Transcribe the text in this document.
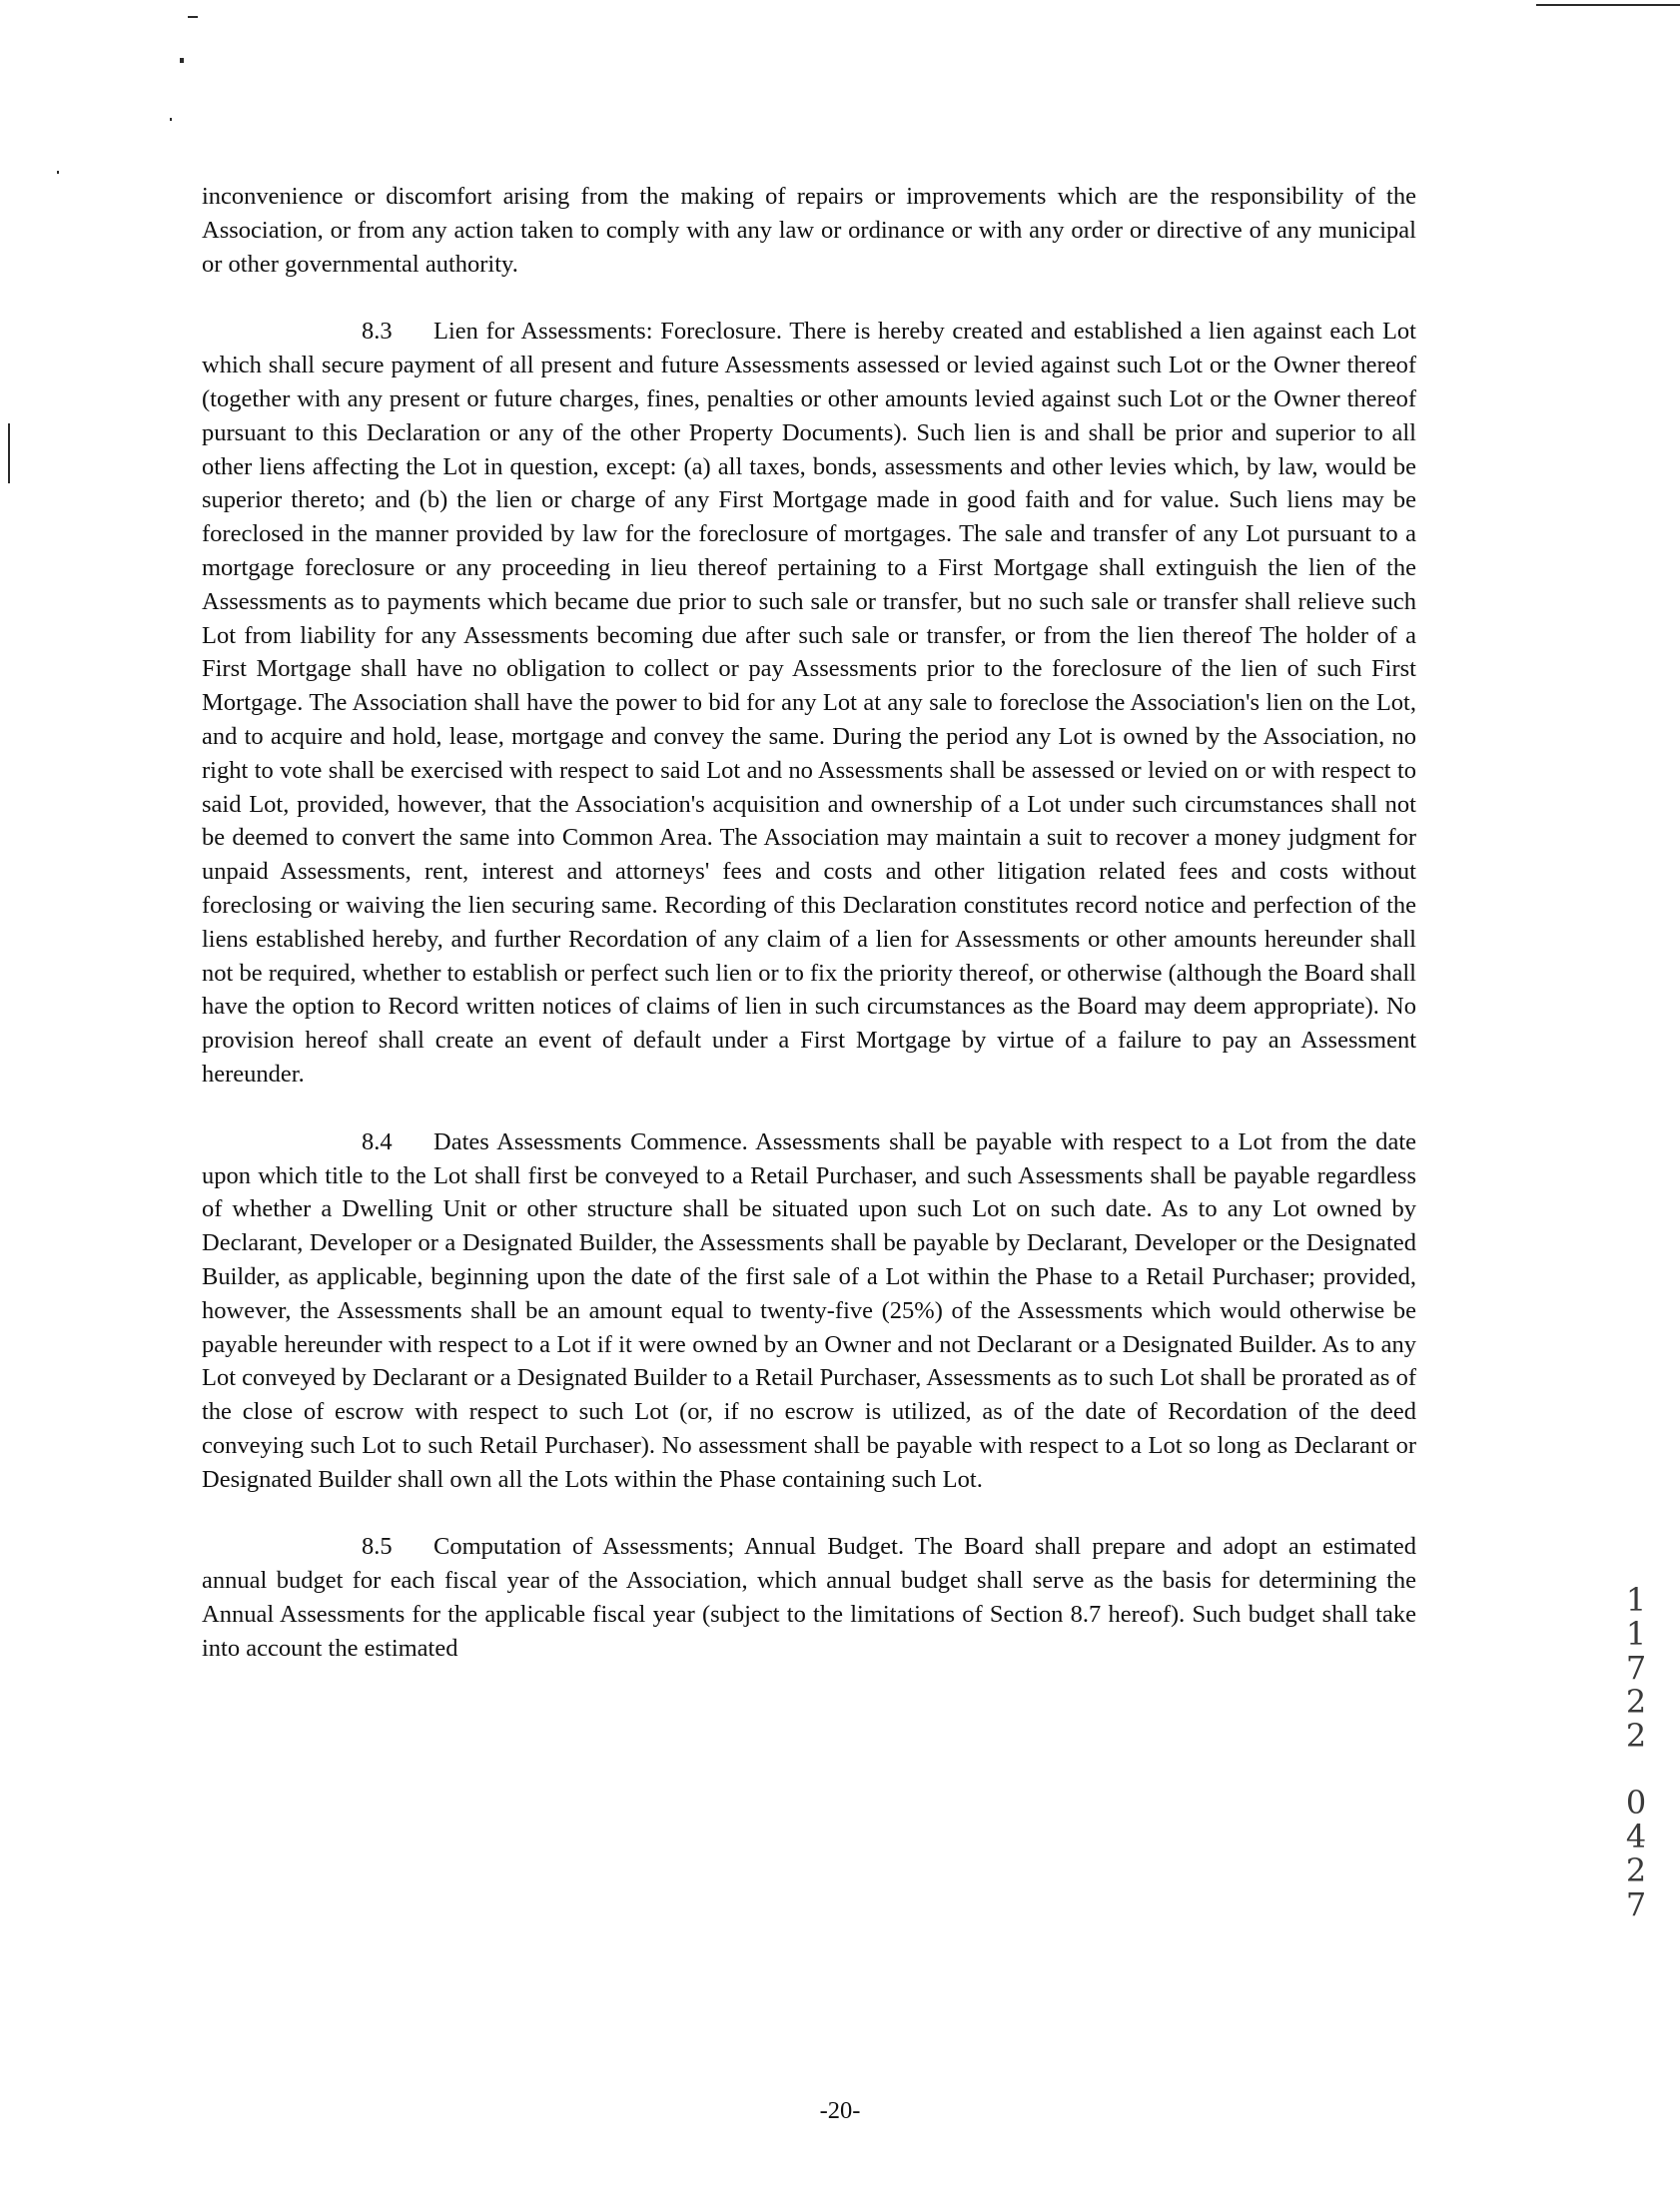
inconvenience or discomfort arising from the making of repairs or improvements which are the responsibility of the Association, or from any action taken to comply with any law or ordinance or with any order or directive of any municipal or other governmental authority.

8.3 Lien for Assessments: Foreclosure. There is hereby created and established a lien against each Lot which shall secure payment of all present and future Assessments assessed or levied against such Lot or the Owner thereof (together with any present or future charges, fines, penalties or other amounts levied against such Lot or the Owner thereof pursuant to this Declaration or any of the other Property Documents). Such lien is and shall be prior and superior to all other liens affecting the Lot in question, except: (a) all taxes, bonds, assessments and other levies which, by law, would be superior thereto; and (b) the lien or charge of any First Mortgage made in good faith and for value. Such liens may be foreclosed in the manner provided by law for the foreclosure of mortgages. The sale and transfer of any Lot pursuant to a mortgage foreclosure or any proceeding in lieu thereof pertaining to a First Mortgage shall extinguish the lien of the Assessments as to payments which became due prior to such sale or transfer, but no such sale or transfer shall relieve such Lot from liability for any Assessments becoming due after such sale or transfer, or from the lien thereof The holder of a First Mortgage shall have no obligation to collect or pay Assessments prior to the foreclosure of the lien of such First Mortgage. The Association shall have the power to bid for any Lot at any sale to foreclose the Association's lien on the Lot, and to acquire and hold, lease, mortgage and convey the same. During the period any Lot is owned by the Association, no right to vote shall be exercised with respect to said Lot and no Assessments shall be assessed or levied on or with respect to said Lot, provided, however, that the Association's acquisition and ownership of a Lot under such circumstances shall not be deemed to convert the same into Common Area. The Association may maintain a suit to recover a money judgment for unpaid Assessments, rent, interest and attorneys' fees and costs and other litigation related fees and costs without foreclosing or waiving the lien securing same. Recording of this Declaration constitutes record notice and perfection of the liens established hereby, and further Recordation of any claim of a lien for Assessments or other amounts hereunder shall not be required, whether to establish or perfect such lien or to fix the priority thereof, or otherwise (although the Board shall have the option to Record written notices of claims of lien in such circumstances as the Board may deem appropriate). No provision hereof shall create an event of default under a First Mortgage by virtue of a failure to pay an Assessment hereunder.

8.4 Dates Assessments Commence. Assessments shall be payable with respect to a Lot from the date upon which title to the Lot shall first be conveyed to a Retail Purchaser, and such Assessments shall be payable regardless of whether a Dwelling Unit or other structure shall be situated upon such Lot on such date. As to any Lot owned by Declarant, Developer or a Designated Builder, the Assessments shall be payable by Declarant, Developer or the Designated Builder, as applicable, beginning upon the date of the first sale of a Lot within the Phase to a Retail Purchaser; provided, however, the Assessments shall be an amount equal to twenty-five (25%) of the Assessments which would otherwise be payable hereunder with respect to a Lot if it were owned by an Owner and not Declarant or a Designated Builder. As to any Lot conveyed by Declarant or a Designated Builder to a Retail Purchaser, Assessments as to such Lot shall be prorated as of the close of escrow with respect to such Lot (or, if no escrow is utilized, as of the date of Recordation of the deed conveying such Lot to such Retail Purchaser). No assessment shall be payable with respect to a Lot so long as Declarant or Designated Builder shall own all the Lots within the Phase containing such Lot.

8.5 Computation of Assessments; Annual Budget. The Board shall prepare and adopt an estimated annual budget for each fiscal year of the Association, which annual budget shall serve as the basis for determining the Annual Assessments for the applicable fiscal year (subject to the limitations of Section 8.7 hereof). Such budget shall take into account the estimated

-20-
1
1
7
2
2
0
4
2
7
